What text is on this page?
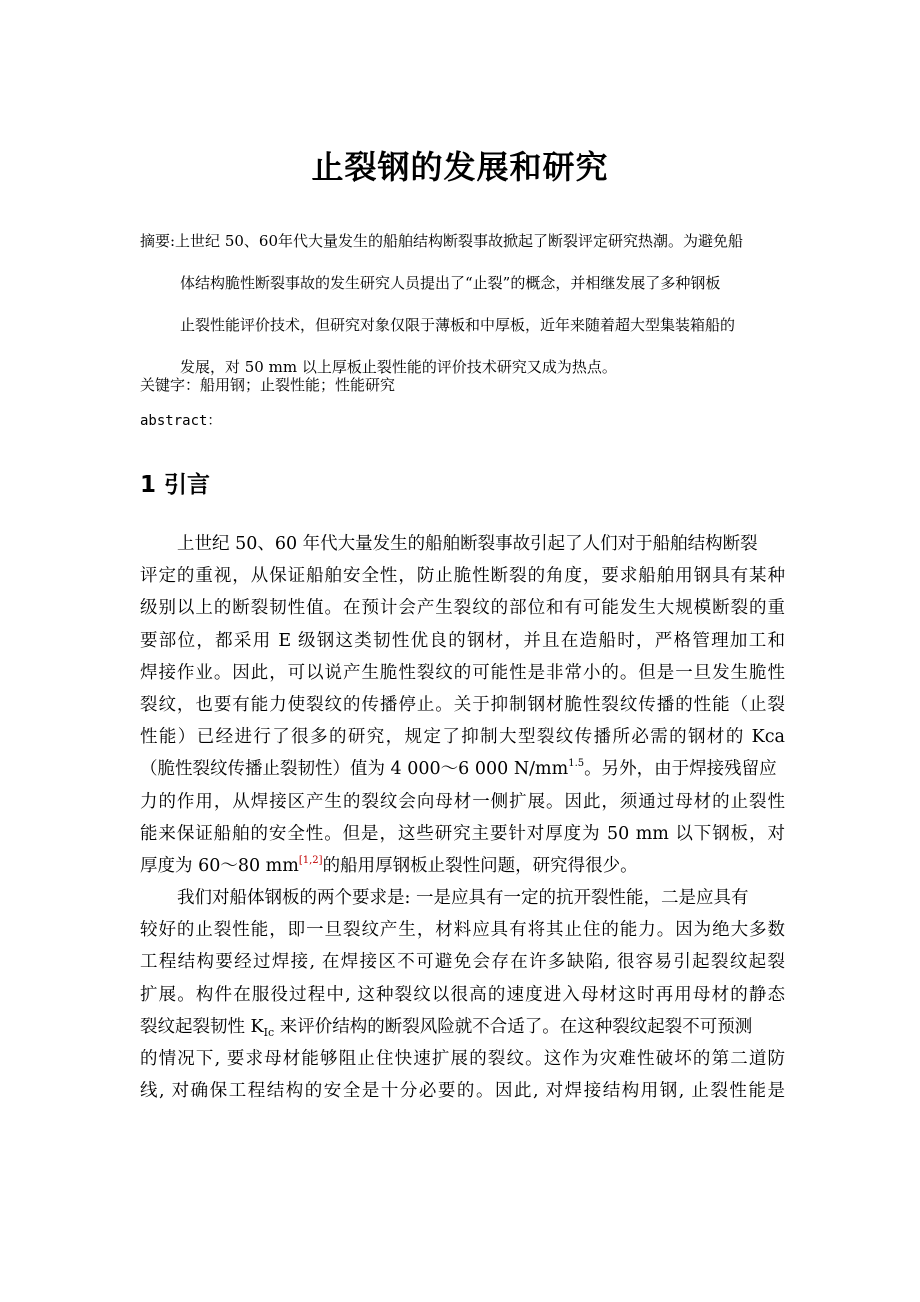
止裂钢的发展和研究
摘要:上世纪 50、60年代大量发生的船舶结构断裂事故掀起了断裂评定研究热潮。为避免船
体结构脆性断裂事故的发生研究人员提出了“止裂”的概念，并相继发展了多种钢板
止裂性能评价技术，但研究对象仅限于薄板和中厚板，近年来随着超大型集装箱船的
发展，对 50 mm 以上厚板止裂性能的评价技术研究又成为热点。
关键字：船用钢；止裂性能；性能研究
abstract：
1 引言
上世纪 50、60 年代大量发生的船舶断裂事故引起了人们对于船舶结构断裂
评定的重视，从保证船舶安全性，防止脆性断裂的角度，要求船舶用钢具有某种
级别以上的断裂韧性值。在预计会产生裂纹的部位和有可能发生大规模断裂的重
要部位，都采用 E 级钢这类韧性优良的钢材，并且在造船时，严格管理加工和
焊接作业。因此，可以说产生脆性裂纹的可能性是非常小的。但是一旦发生脆性
裂纹，也要有能力使裂纹的传播停止。关于抑制钢材脆性裂纹传播的性能（止裂
性能）已经进行了很多的研究，规定了抑制大型裂纹传播所必需的钢材的 Kca
（脆性裂纹传播止裂韧性）值为 4 000～6 000 $N/mm^{1.5}$。另外，由于焊接残留应
力的作用，从焊接区产生的裂纹会向母材一侧扩展。因此，须通过母材的止裂性
能来保证船舶的安全性。但是，这些研究主要针对厚度为 50 mm 以下钢板，对
厚度为 60～80 mm[1,2]的船用厚钢板止裂性问题，研究得很少。
我们对船体钢板的两个要求是: 一是应具有一定的抗开裂性能，二是应具有
较好的止裂性能，即一旦裂纹产生，材料应具有将其止住的能力。因为绝大多数
工程结构要经过焊接, 在焊接区不可避免会存在许多缺陷, 很容易引起裂纹起裂
扩展。构件在服役过程中, 这种裂纹以很高的速度进入母材这时再用母材的静态
裂纹起裂韧性 $K_{Ic}$ 来评价结构的断裂风险就不合适了。在这种裂纹起裂不可预测
的情况下, 要求母材能够阻止住快速扩展的裂纹。这作为灾难性破坏的第二道防
线, 对确保工程结构的安全是十分必要的。因此, 对焊接结构用钢, 止裂性能是
